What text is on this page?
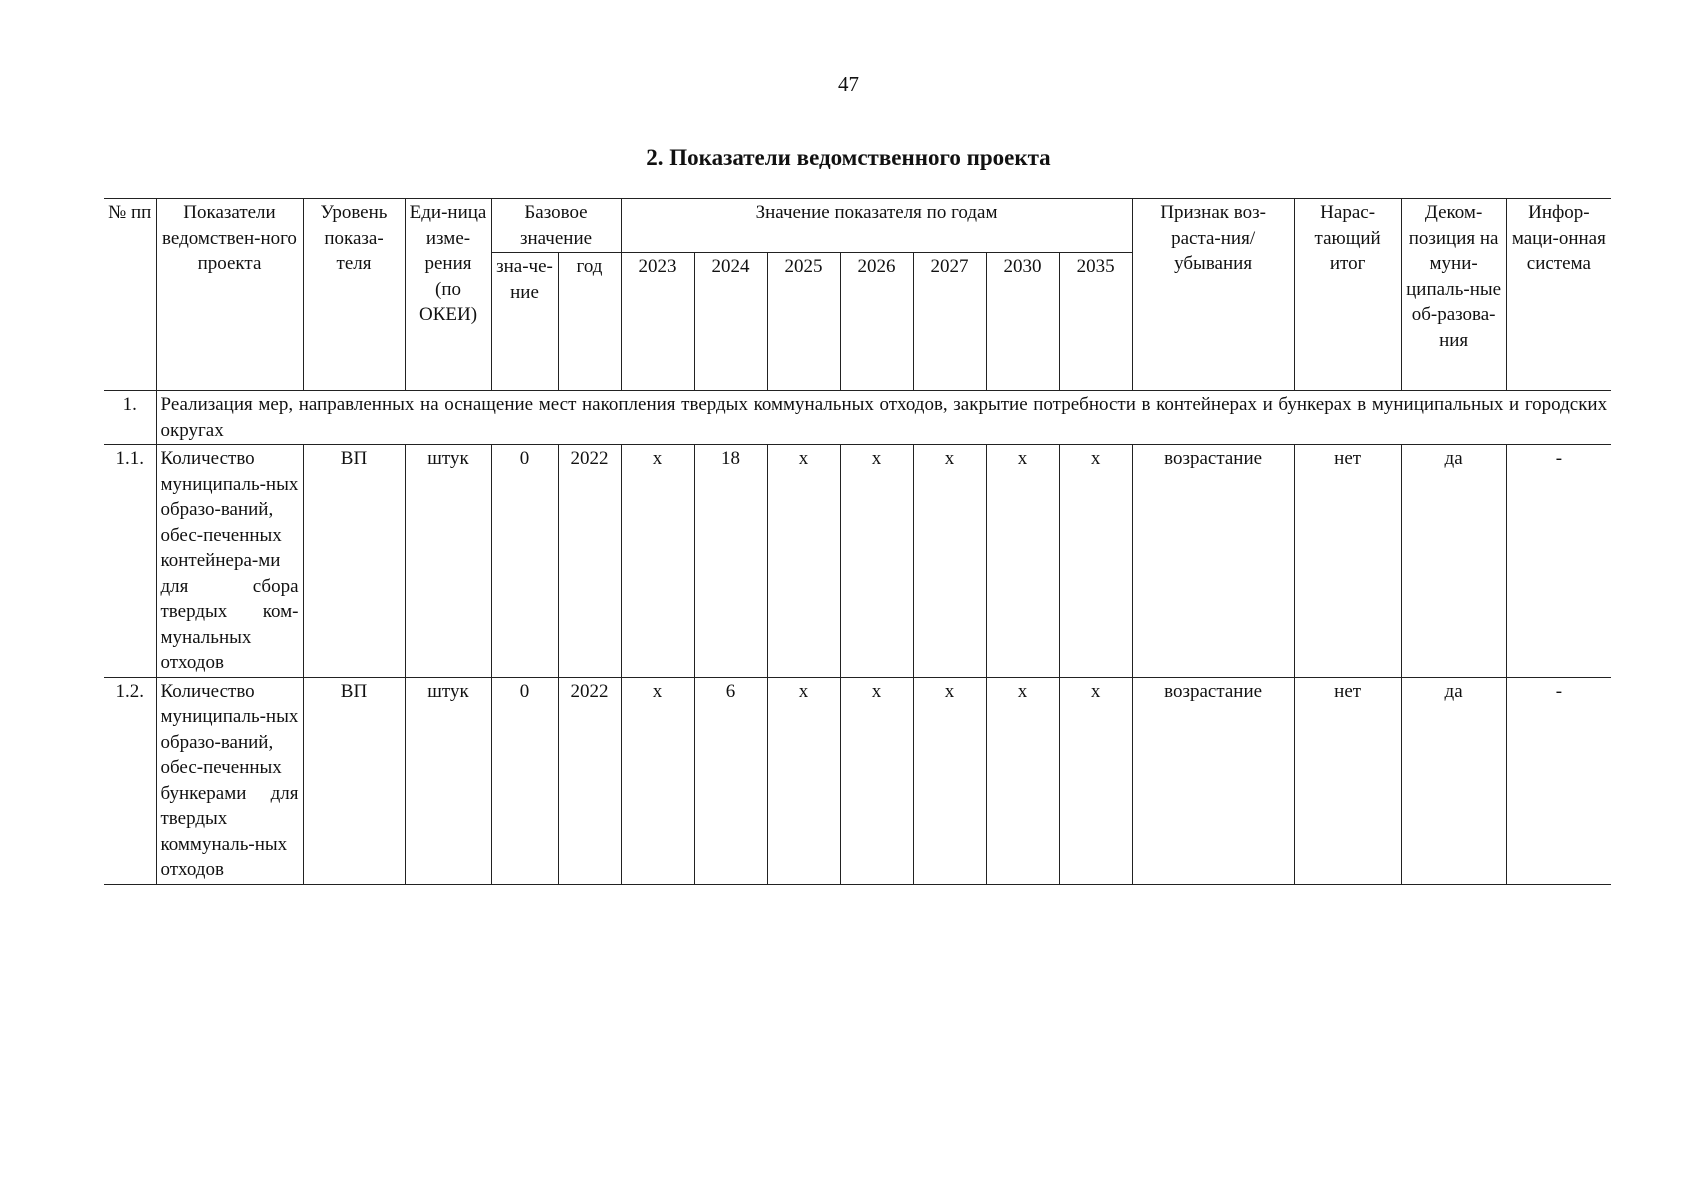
47
2. Показатели ведомственного проекта
№ пп	Показатели ведомствен-ного проекта	Уровень показа-теля	Еди-ница изме-рения (по ОКЕИ)	Базовое значение		Значение показателя по годам							Признак воз-раста-ния/убывания	Нарас-тающий итог	Деком-позиция на муни-ципаль-ные об-разова-ния	Инфор-маци-онная система
				зна-че-ние	год	2023	2024	2025	2026	2027	2030	2035				
1.	Реализация мер, направленных на оснащение мест накопления твердых коммунальных отходов, закрытие потребности в контейнерах и бункерах в муниципальных и городских округах															
1.1.	Количество муниципаль-ных образо-ваний, обес-печенных контейнера-ми для сбора твердых ком-мунальных отходов	ВП	штук	0	2022	х	18	х	х	х	х	х	возрастание	нет	да	-
1.2.	Количество муниципаль-ных образо-ваний, обес-печенных бункерами для твердых коммуналь-ных отходов	ВП	штук	0	2022	х	6	х	х	х	х	х	возрастание	нет	да	-
